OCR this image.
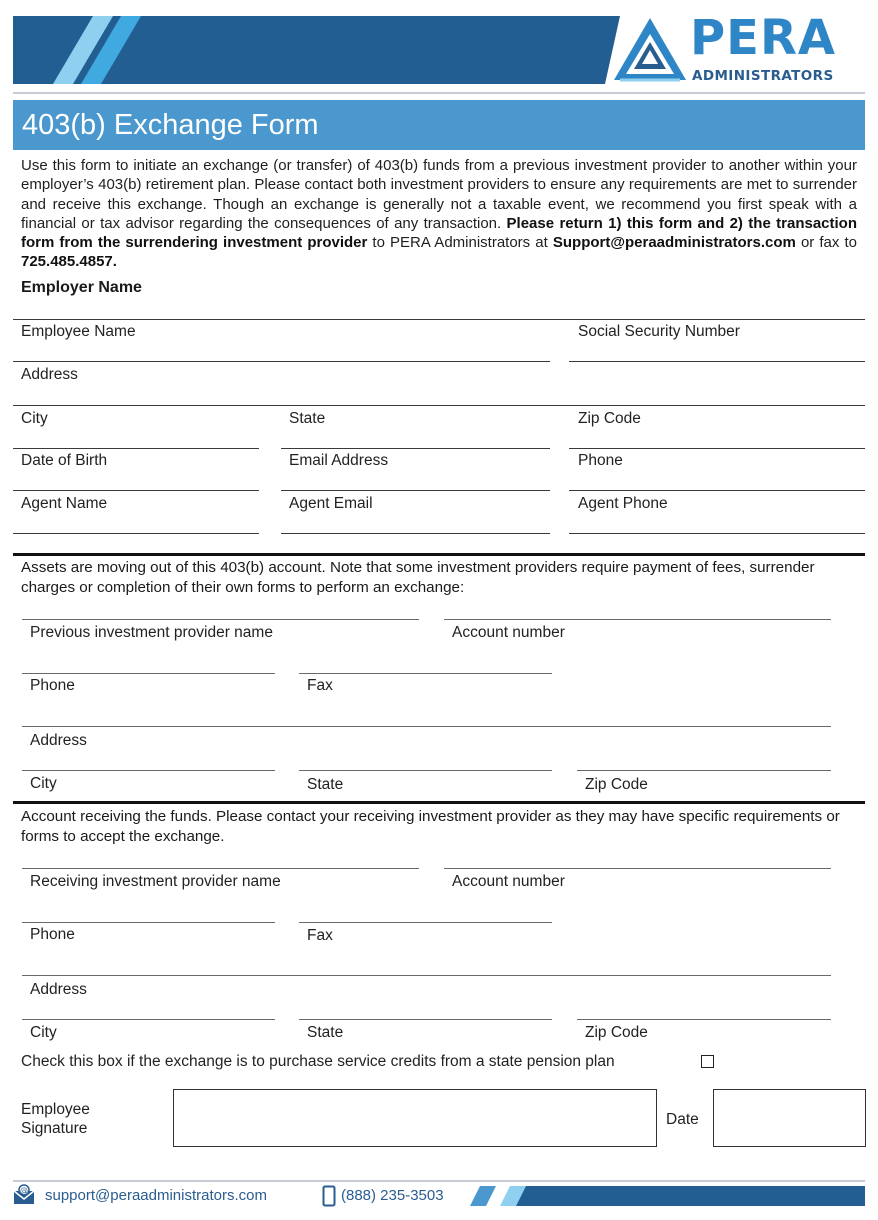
PERA
ADMINISTRATORS
403(b) Exchange Form
Use this form to initiate an exchange (or transfer) of 403(b) funds from a previous investment provider to another within your employer’s 403(b) retirement plan. Please contact both investment providers to ensure any requirements are met to surrender and receive this exchange. Though an exchange is generally not a taxable event, we recommend you first speak with a financial or tax advisor regarding the consequences of any transaction. Please return 1) this form and 2) the transaction form from the surrendering investment provider to PERA Administrators at Support@peraadministrators.com or fax to 725.485.4857.
Employer Name
Employee Name	Social Security Number
Address
City	State	Zip Code
Date of Birth	Email Address	Phone
Agent Name	Agent Email	Agent Phone
Assets are moving out of this 403(b) account. Note that some investment providers require payment of fees, surrender charges or completion of their own forms to perform an exchange:
Previous investment provider name	Account number
Phone	Fax
Address
City	State	Zip Code
Account receiving the funds. Please contact your receiving investment provider as they may have specific requirements or forms to accept the exchange.
Receiving investment provider name	Account number
Phone	Fax
Address
City	State	Zip Code
Check this box if the exchange is to purchase service credits from a state pension plan
Employee
Signature
Date
@ support@peraadministrators.com	(888) 235-3503
